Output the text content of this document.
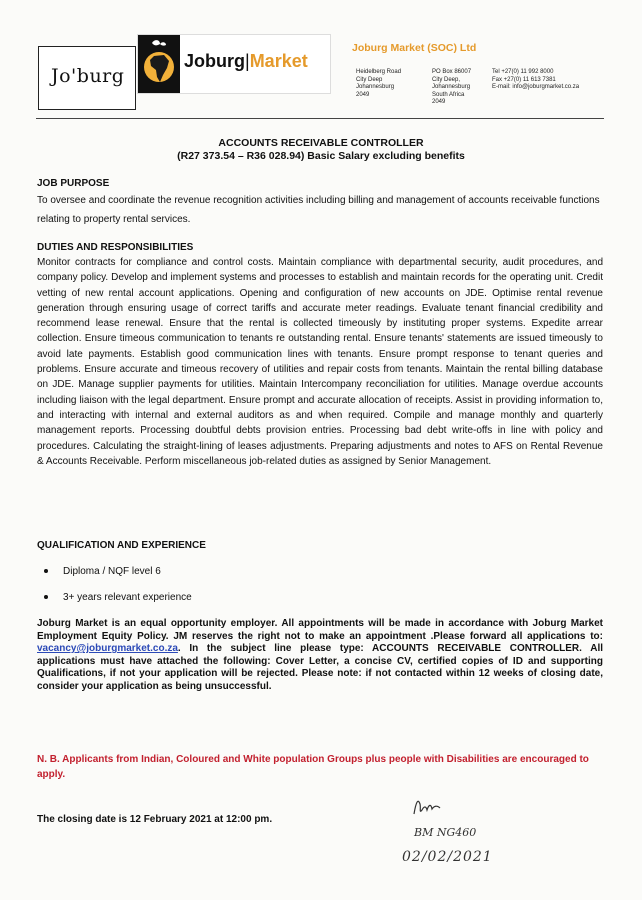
Jo'burg
Joburg|Market
Joburg Market (SOC) Ltd
Heidelberg Road
City Deep
Johannesburg
2049
PO Box 86007
City Deep,
Johannesburg
South Africa
2049
Tel +27(0) 11 992 8000
Fax +27(0) 11 613 7381
E-mail: info@joburgmarket.co.za
ACCOUNTS RECEIVABLE CONTROLLER
(R27 373.54 – R36 028.94) Basic Salary excluding benefits
JOB PURPOSE
To oversee and coordinate the revenue recognition activities including billing and management of accounts receivable functions relating to property rental services.
DUTIES AND RESPONSIBILITIES
Monitor contracts for compliance and control costs. Maintain compliance with departmental security, audit procedures, and company policy. Develop and implement systems and processes to establish and maintain records for the operating unit. Credit vetting of new rental account applications. Opening and configuration of new accounts on JDE. Optimise rental revenue generation through ensuring usage of correct tariffs and accurate meter readings. Evaluate tenant financial credibility and recommend lease renewal. Ensure that the rental is collected timeously by instituting proper systems. Expedite arrear collection. Ensure timeous communication to tenants re outstanding rental. Ensure tenants' statements are issued timeously to avoid late payments. Establish good communication lines with tenants. Ensure prompt response to tenant queries and problems. Ensure accurate and timeous recovery of utilities and repair costs from tenants. Maintain the rental billing database on JDE. Manage supplier payments for utilities. Maintain Intercompany reconciliation for utilities. Manage overdue accounts including liaison with the legal department. Ensure prompt and accurate allocation of receipts. Assist in providing information to, and interacting with internal and external auditors as and when required. Compile and manage monthly and quarterly management reports. Processing doubtful debts provision entries. Processing bad debt write-offs in line with policy and procedures. Calculating the straight-lining of leases adjustments. Preparing adjustments and notes to AFS on Rental Revenue & Accounts Receivable. Perform miscellaneous job-related duties as assigned by Senior Management.
QUALIFICATION AND EXPERIENCE
Diploma / NQF level 6
3+ years relevant experience
Joburg Market is an equal opportunity employer. All appointments will be made in accordance with Joburg Market Employment Equity Policy. JM reserves the right not to make an appointment .Please forward all applications to: vacancy@joburgmarket.co.za. In the subject line please type: ACCOUNTS RECEIVABLE CONTROLLER. All applications must have attached the following: Cover Letter, a concise CV, certified copies of ID and supporting Qualifications, if not your application will be rejected. Please note: if not contacted within 12 weeks of closing date, consider your application as being unsuccessful.
N. B. Applicants from Indian, Coloured and White population Groups plus people with Disabilities are encouraged to apply.
The closing date is 12 February 2021 at 12:00 pm.
BM NG460
02/02/2021
